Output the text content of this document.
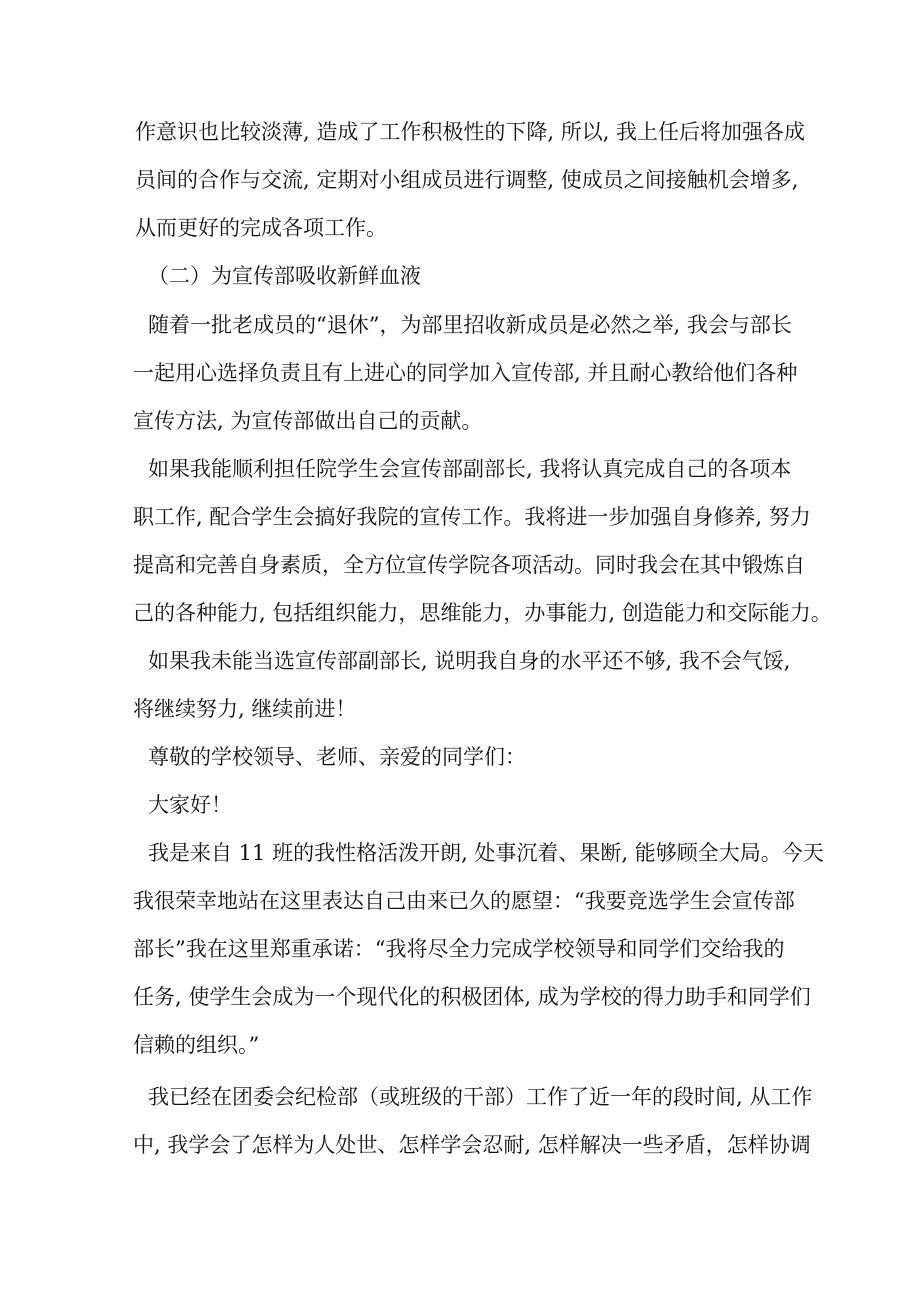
作意识也比较淡薄, 造成了工作积极性的下降, 所以, 我上任后将加强各成
员间的合作与交流, 定期对小组成员进行调整, 使成员之间接触机会增多,
从而更好的完成各项工作。
（二）为宣传部吸收新鲜血液
随着一批老成员的“退休”，为部里招收新成员是必然之举, 我会与部长
一起用心选择负责且有上进心的同学加入宣传部, 并且耐心教给他们各种
宣传方法, 为宣传部做出自己的贡献。
如果我能顺利担任院学生会宣传部副部长, 我将认真完成自己的各项本
职工作, 配合学生会搞好我院的宣传工作。我将进一步加强自身修养, 努力
提高和完善自身素质，全方位宣传学院各项活动。同时我会在其中锻炼自
己的各种能力, 包括组织能力，思维能力，办事能力, 创造能力和交际能力。
如果我未能当选宣传部副部长, 说明我自身的水平还不够, 我不会气馁,
将继续努力, 继续前进！
尊敬的学校领导、老师、亲爱的同学们：
大家好！
我是来自 11 班的我性格活泼开朗, 处事沉着、果断, 能够顾全大局。今天
我很荣幸地站在这里表达自己由来已久的愿望：“我要竞选学生会宣传部
部长”我在这里郑重承诺：“我将尽全力完成学校领导和同学们交给我的
任务, 使学生会成为一个现代化的积极团体, 成为学校的得力助手和同学们
信赖的组织。”
我已经在团委会纪检部（或班级的干部）工作了近一年的段时间, 从工作
中, 我学会了怎样为人处世、怎样学会忍耐, 怎样解决一些矛盾，怎样协调
